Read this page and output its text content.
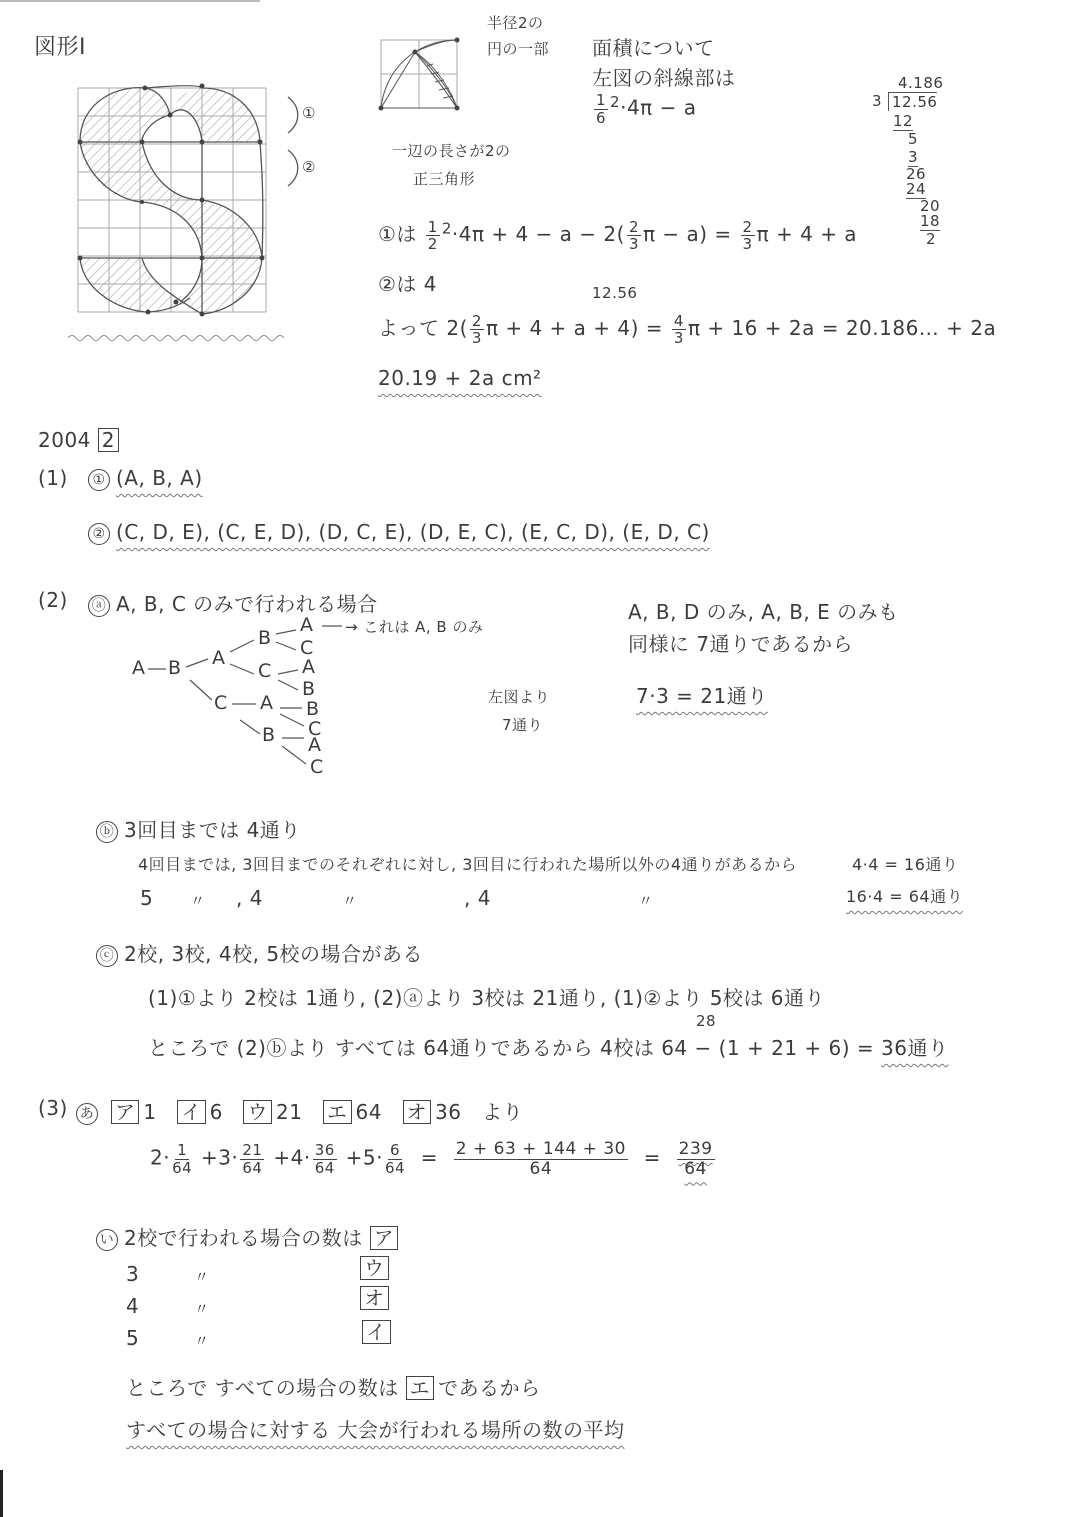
図形Ⅰ
①
②
半径2の
円の一部
一辺の長さが2の
正三角形
面積について
左図の斜線部は
$\frac{1}{6} ^2\cdot 4\pi - a$
4.186
3 12.56
12
5
3
26
24
20
18
2
①は $\frac{1}{2} ^2\cdot 4\pi + 4 - a - 2( \frac{2}{3}$ $\pi - a) = \frac{2}{3}$ π + 4 + a
②は 4	12.56
よって $2( \frac{2}{3}$ $\pi + 4 + a + 4) = \frac{4}{3}$ π + 16 + 2a = 20.186… + 2a
20.19 + 2a cm²
2004 2
(1)	① (A, B, A)
② (C, D, E), (C, E, D), (D, C, E), (D, E, C), (E, C, D), (E, D, C)
(2) ⓐ A, B, C のみで行われる場合
A B A
B
A
C
C A
B
C A B
C
B A
C
→ これは A, B のみ
左図より
7通り
A, B, D のみ, A, B, E のみも
同様に 7通りであるから
7·3 = 21通り
ⓑ 3回目までは 4通り
4回目までは, 3回目までのそれぞれに対し, 3回目に行われた場所以外の4通りがあるから	4·4 = 16通り
5 〃 , 4	〃	, 4	〃	16·4 = 64通り
ⓒ 2校, 3校, 4校, 5校の場合がある
(1)①より 2校は 1通り, (2)ⓐより 3校は 21通り, (1)②より 5校は 6通り
28
ところで (2)ⓑより すべては 64通りであるから 4校は 64 − (1 + 21 + 6) = 36通り
(3) あ ア 1 イ 6 ウ 21 エ 64 オ 36 より
$2\cdot \frac{1}{64} +3\cdot \frac{21}{64} +4\cdot \frac{36}{64} +5\cdot \frac{6}{64} = \frac{2 + 63 + 144 + 30}{64} = \frac{239}{64}$
い 2校で行われる場合の数は ア
3	〃	ウ
4	〃	オ
5	〃	イ
ところで すべての場合の数は エ であるから
すべての場合に対する 大会が行われる場所の数の平均
